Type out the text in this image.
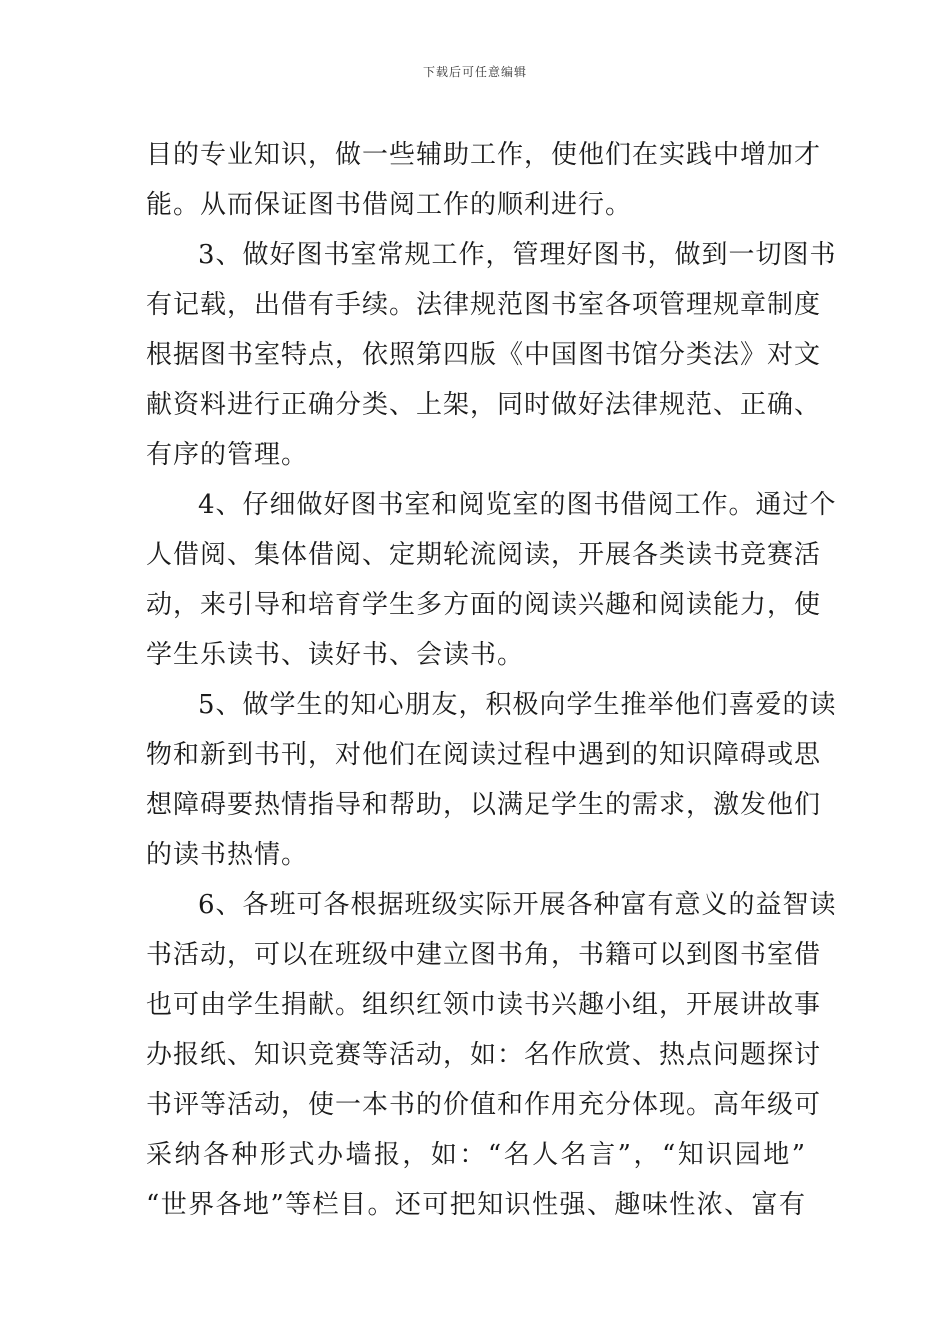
下载后可任意编辑
目的专业知识，做一些辅助工作，使他们在实践中增加才
能。从而保证图书借阅工作的顺利进行。
3、做好图书室常规工作，管理好图书，做到一切图书
有记载，出借有手续。法律规范图书室各项管理规章制度
根据图书室特点，依照第四版《中国图书馆分类法》对文
献资料进行正确分类、上架，同时做好法律规范、正确、
有序的管理。
4、仔细做好图书室和阅览室的图书借阅工作。通过个
人借阅、集体借阅、定期轮流阅读，开展各类读书竞赛活
动，来引导和培育学生多方面的阅读兴趣和阅读能力，使
学生乐读书、读好书、会读书。
5、做学生的知心朋友，积极向学生推举他们喜爱的读
物和新到书刊，对他们在阅读过程中遇到的知识障碍或思
想障碍要热情指导和帮助，以满足学生的需求，激发他们
的读书热情。
6、各班可各根据班级实际开展各种富有意义的益智读
书活动，可以在班级中建立图书角，书籍可以到图书室借
也可由学生捐献。组织红领巾读书兴趣小组，开展讲故事
办报纸、知识竞赛等活动，如：名作欣赏、热点问题探讨
书评等活动，使一本书的价值和作用充分体现。高年级可
采纳各种形式办墙报，如：“名人名言”，“知识园地”
“世界各地”等栏目。还可把知识性强、趣味性浓、富有
